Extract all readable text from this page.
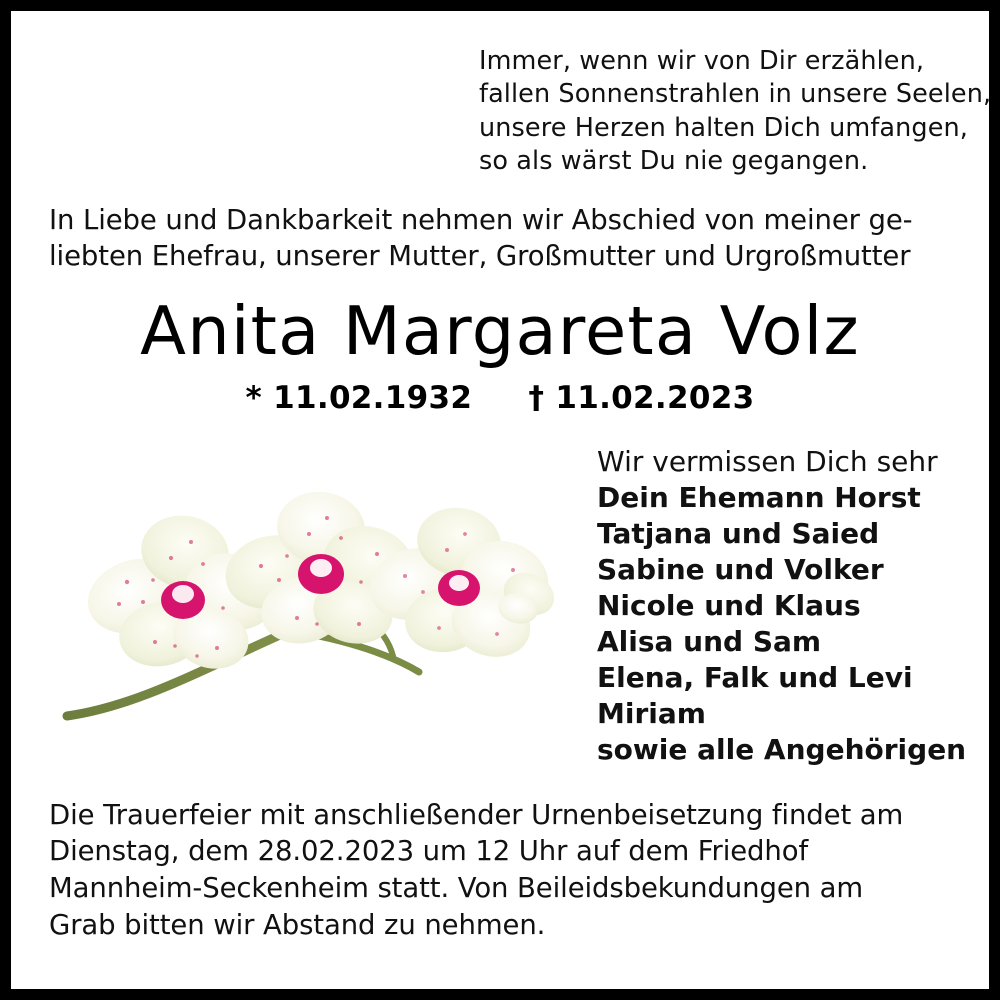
Immer, wenn wir von Dir erzählen,
fallen Sonnenstrahlen in unsere Seelen,
unsere Herzen halten Dich umfangen,
so als wärst Du nie gegangen.
In Liebe und Dankbarkeit nehmen wir Abschied von meiner ge-
liebten Ehefrau, unserer Mutter, Großmutter und Urgroßmutter
Anita Margareta Volz
* 11.02.1932 † 11.02.2023
Wir vermissen Dich sehr
Dein Ehemann Horst
Tatjana und Saied
Sabine und Volker
Nicole und Klaus
Alisa und Sam
Elena, Falk und Levi
Miriam
sowie alle Angehörigen
Die Trauerfeier mit anschließender Urnenbeisetzung findet am
Dienstag, dem 28.02.2023 um 12 Uhr auf dem Friedhof
Mannheim-Seckenheim statt. Von Beileidsbekundungen am
Grab bitten wir Abstand zu nehmen.
